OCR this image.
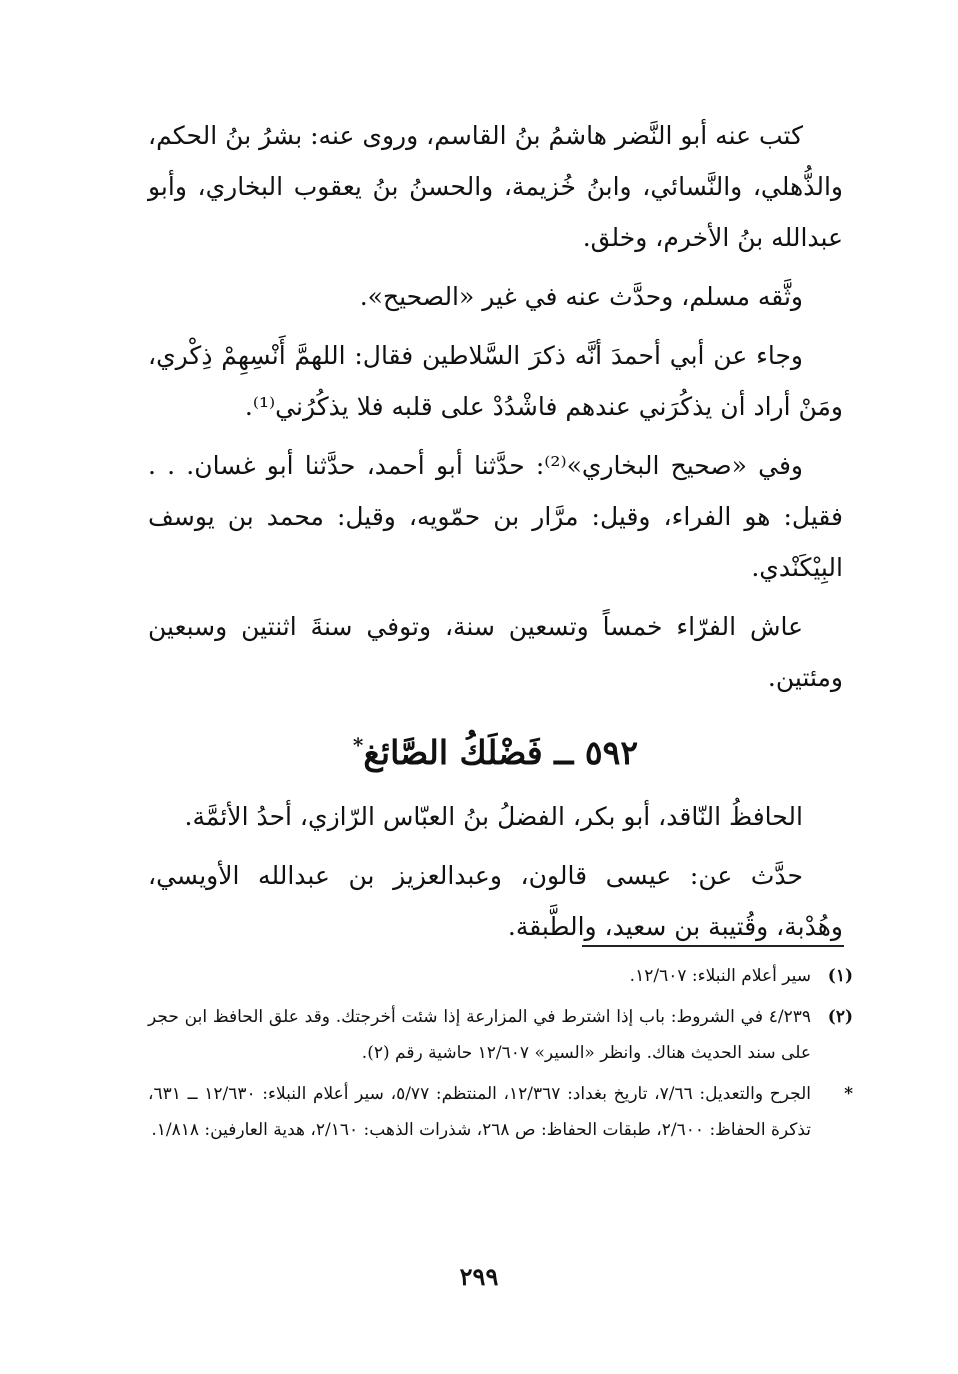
كتب عنه أبو النَّضر هاشمُ بنُ القاسم، وروى عنه: بشرُ بنُ الحكم، والذُّهلي، والنَّسائي، وابنُ خُزيمة، والحسنُ بنُ يعقوب البخاري، وأبو عبدالله بنُ الأخرم، وخلق.

وثَّقه مسلم، وحدَّث عنه في غير «الصحيح».

وجاء عن أبي أحمدَ أنَّه ذكرَ السَّلاطين فقال: اللهمَّ أَنْسِهِمْ ذِكْري، ومَنْ أراد أن يذكُرَني عندهم فاشْدُدْ على قلبه فلا يذكُرُني⁽¹⁾.

وفي «صحيح البخاري»⁽²⁾: حدَّثنا أبو أحمد، حدَّثنا أبو غسان. . . فقيل: هو الفراء، وقيل: مرَّار بن حمّويه، وقيل: محمد بن يوسف البِيْكَنْدي.

عاش الفرّاء خمساً وتسعين سنة، وتوفي سنةَ اثنتين وسبعين ومئتين.

٥٩٢ ــ فَضْلَكُ الصَّائغ*

الحافظُ النّاقد، أبو بكر، الفضلُ بنُ العبّاس الرّازي، أحدُ الأئمَّة.

حدَّث عن: عيسى قالون، وعبدالعزيز بن عبدالله الأويسي، وهُدْبة، وقُتيبة بن سعيد، والطَّبقة.

(١)
سير أعلام النبلاء: ١٢/٦٠٧.
(٢)
٤/٢٣٩ في الشروط: باب إذا اشترط في المزارعة إذا شئت أخرجتك. وقد علق الحافظ ابن حجر على سند الحديث هناك. وانظر «السير» ١٢/٦٠٧ حاشية رقم (٢).
*
الجرح والتعديل: ٧/٦٦، تاريخ بغداد: ١٢/٣٦٧، المنتظم: ٥/٧٧، سير أعلام النبلاء: ١٢/٦٣٠ ــ ٦٣١، تذكرة الحفاظ: ٢/٦٠٠، طبقات الحفاظ: ص ٢٦٨، شذرات الذهب: ٢/١٦٠، هدية العارفين: ١/٨١٨.
٢٩٩
